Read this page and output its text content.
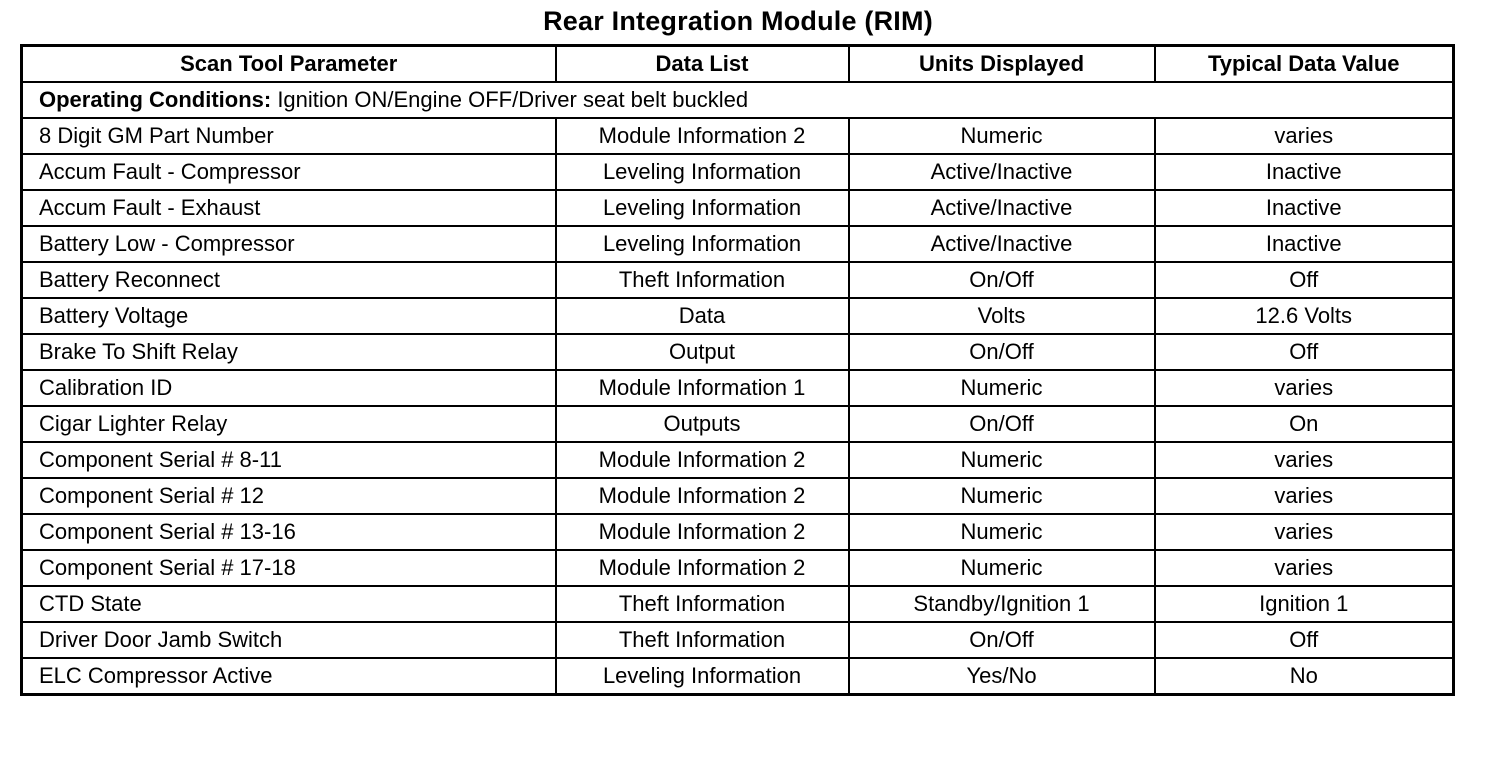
Rear Integration Module (RIM)
Scan Tool Parameter	Data List	Units Displayed	Typical Data Value
Operating Conditions: Ignition ON/Engine OFF/Driver seat belt buckled			
8 Digit GM Part Number	Module Information 2	Numeric	varies
Accum Fault - Compressor	Leveling Information	Active/Inactive	Inactive
Accum Fault - Exhaust	Leveling Information	Active/Inactive	Inactive
Battery Low - Compressor	Leveling Information	Active/Inactive	Inactive
Battery Reconnect	Theft Information	On/Off	Off
Battery Voltage	Data	Volts	12.6 Volts
Brake To Shift Relay	Output	On/Off	Off
Calibration ID	Module Information 1	Numeric	varies
Cigar Lighter Relay	Outputs	On/Off	On
Component Serial # 8-11	Module Information 2	Numeric	varies
Component Serial # 12	Module Information 2	Numeric	varies
Component Serial # 13-16	Module Information 2	Numeric	varies
Component Serial # 17-18	Module Information 2	Numeric	varies
CTD State	Theft Information	Standby/Ignition 1	Ignition 1
Driver Door Jamb Switch	Theft Information	On/Off	Off
ELC Compressor Active	Leveling Information	Yes/No	No
